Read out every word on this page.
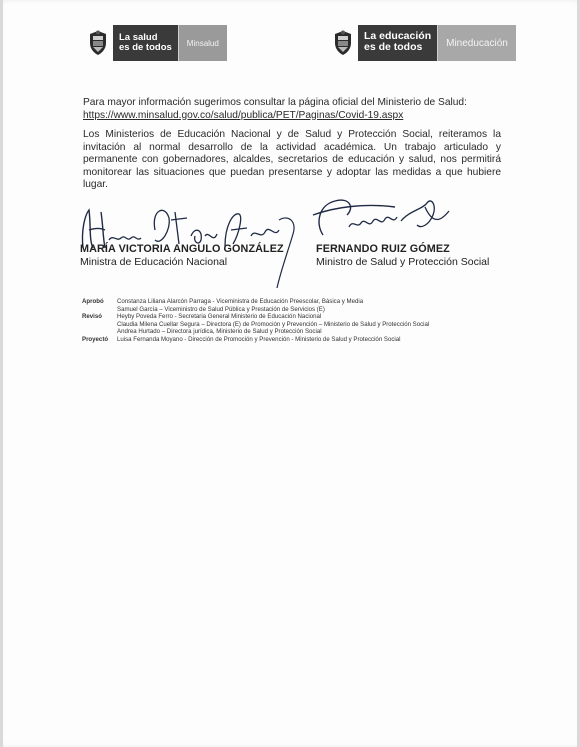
La salud
es de todos	Minsalud
La educación
es de todos	Mineducación
Para mayor información sugerimos consultar la página oficial del Ministerio de Salud:
https://www.minsalud.gov.co/salud/publica/PET/Paginas/Covid-19.aspx
Los Ministerios de Educación Nacional y de Salud y Protección Social, reiteramos la invitación al normal desarrollo de la actividad académica. Un trabajo articulado y permanente con gobernadores, alcaldes, secretarios de educación y salud, nos permitirá monitorear las situaciones que puedan presentarse y adoptar las medidas a que hubiere lugar.
MARÍA VICTORIA ANGULO GONZÁLEZ
Ministra de Educación Nacional
FERNANDO RUIZ GÓMEZ
Ministro de Salud y Protección Social
Aprobó	Constanza Liliana Alarcón Parraga - Viceministra de Educación Preescolar, Básica y Media
Samuel García – Viceministro de Salud Pública y Prestación de Servicios (E)
Revisó	Heyby Poveda Ferro - Secretaria General Ministerio de Educación Nacional
Claudia Milena Cuellar Segura – Directora (E) de Promoción y Prevención – Ministerio de Salud y Protección Social
Andrea Hurtado – Directora jurídica, Ministerio de Salud y Protección Social
Proyectó	Luisa Fernanda Moyano - Dirección de Promoción y Prevención - Ministerio de Salud y Protección Social
